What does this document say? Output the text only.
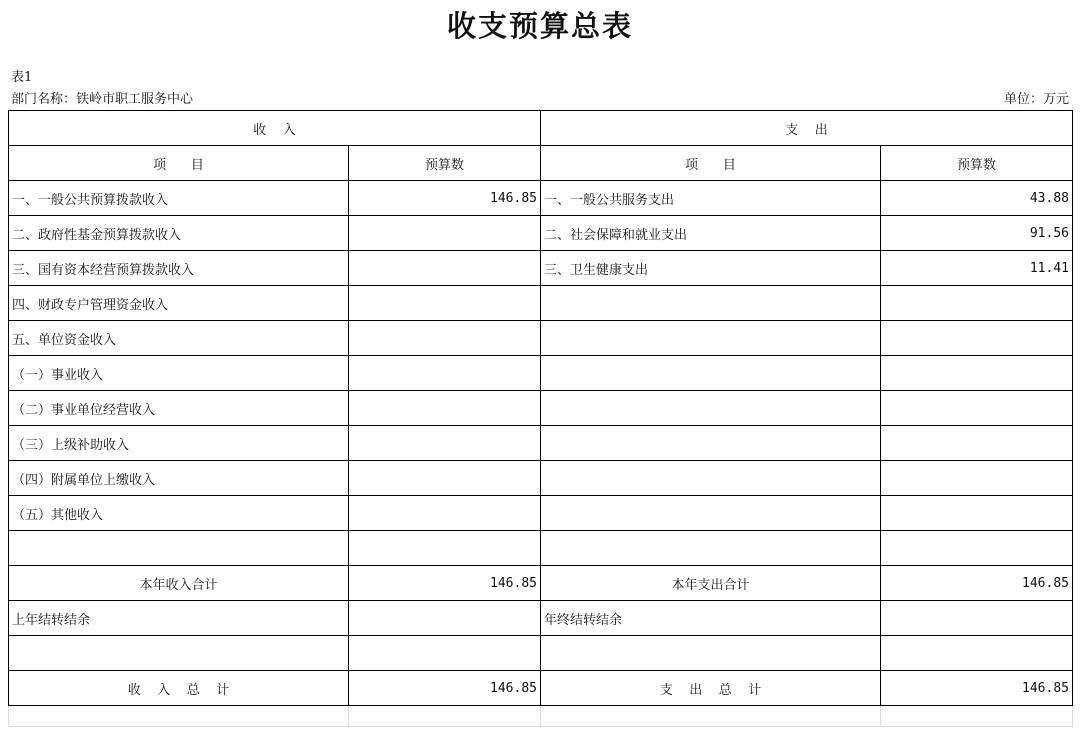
收支预算总表
表1
部门名称：铁岭市职工服务中心	单位：万元
收    入		支    出	
项      目	预算数	项      目	预算数
一、一般公共预算拨款收入	146.85	一、一般公共服务支出	43.88
二、政府性基金预算拨款收入		二、社会保障和就业支出	91.56
三、国有资本经营预算拨款收入		三、卫生健康支出	11.41
四、财政专户管理资金收入			
五、单位资金收入			
（一）事业收入			
（二）事业单位经营收入			
（三）上级补助收入			
（四）附属单位上缴收入			
（五）其他收入			

本年收入合计	146.85	本年支出合计	146.85
上年结转结余		年终结转结余	

收    入    总    计	146.85	支    出    总    计	146.85
